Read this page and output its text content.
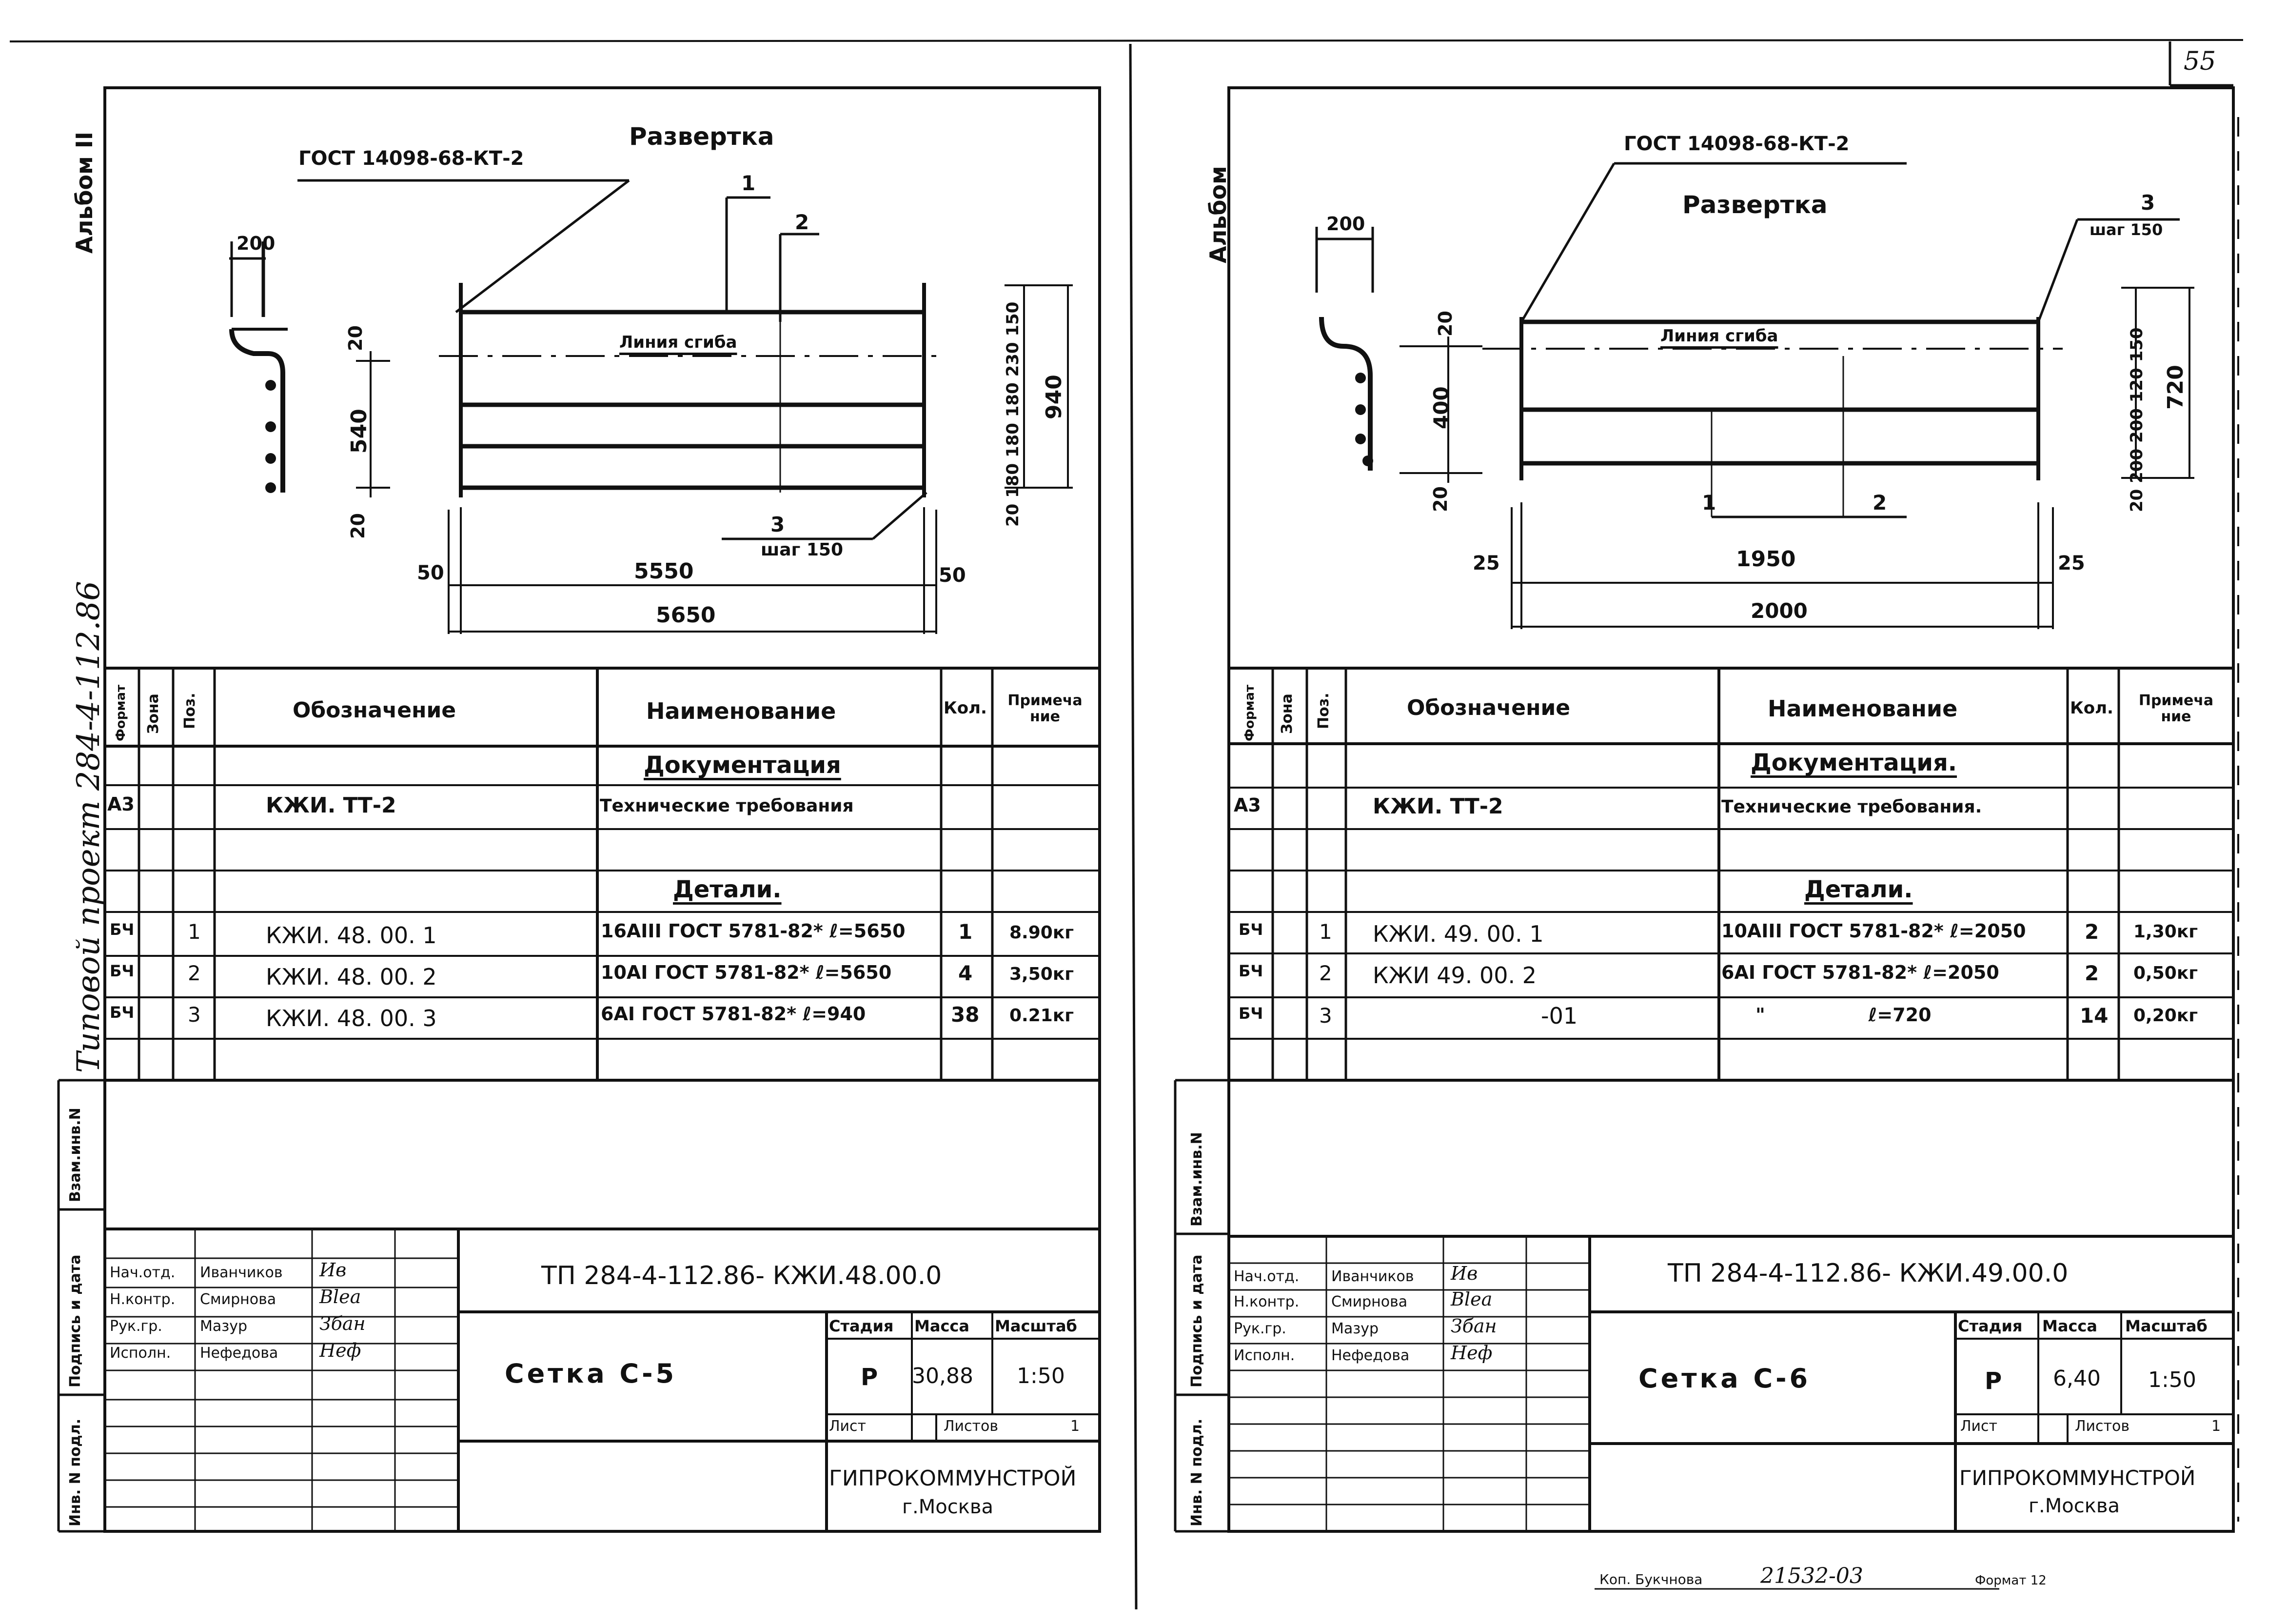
55
Альбом II
Типовой проект 284-4-112.86
Развертка
ГОСТ 14098-68-КТ-2
1
2
Линия сгиба
3
шаг 150
200
20
540
20
50	50
5550
5650
20 180 180 180 230 150 940
Формат Зона Поз.	Обозначение	Наименование	Кол.	Примеча ние
Документация
А3	КЖИ. ТТ-2	Технические требования
Детали.
БЧ	1	КЖИ. 48. 00. 1	16АIII ГОСТ 5781-82* ℓ=5650	1 8.90кг
БЧ	2	КЖИ. 48. 00. 2	10АI ГОСТ 5781-82* ℓ=5650	4 3,50кг
БЧ	3	КЖИ. 48. 00. 3	6АI ГОСТ 5781-82* ℓ=940	38 0.21кг
Взам.инв.N
Подпись и дата
Инв. N подл.
Нач.отд.
Н.контр.
Рук.гр.
Исполн.
Иванчиков
Смирнова
Мазур
Нефедова
Ив
Blea
Збан
Неф
ТП 284-4-112.86- КЖИ.48.00.0
Сетка С-5
Стадия Масса Масштаб
Р 30,88 1:50
Лист	Листов	1
ГИПРОКОММУНСТРОЙ
г.Москва
Альбом
ГОСТ 14098-68-КТ-2
Развертка	3
шаг 150
200
Линия сгиба
20
400
20	1	2
25	25
1950
2000
20 200 200 120 150 720
Формат Зона Поз.	Обозначение	Наименование	Кол.	Примеча ние
Документация.
А3	КЖИ. ТТ-2	Технические требования.
Детали.
БЧ	1 КЖИ. 49. 00. 1	10АIII ГОСТ 5781-82* ℓ=2050	2 1,30кг
БЧ	2 КЖИ 49. 00. 2	6АI ГОСТ 5781-82* ℓ=2050	2 0,50кг
БЧ	3	-01	"                ℓ=720	14 0,20кг
Взам.инв.N
Подпись и дата
Инв. N подл.
Нач.отд.
Н.контр.
Рук.гр.
Исполн.
Иванчиков
Смирнова
Мазур
Нефедова
Ив
Blea
Збан
Неф
ТП 284-4-112.86- КЖИ.49.00.0
Сетка С-6
Стадия Масса Масштаб
Р 6,40 1:50
Лист	Листов	1
ГИПРОКОММУНСТРОЙ
г.Москва
Коп. Букчнова	21532-03	Формат 12
